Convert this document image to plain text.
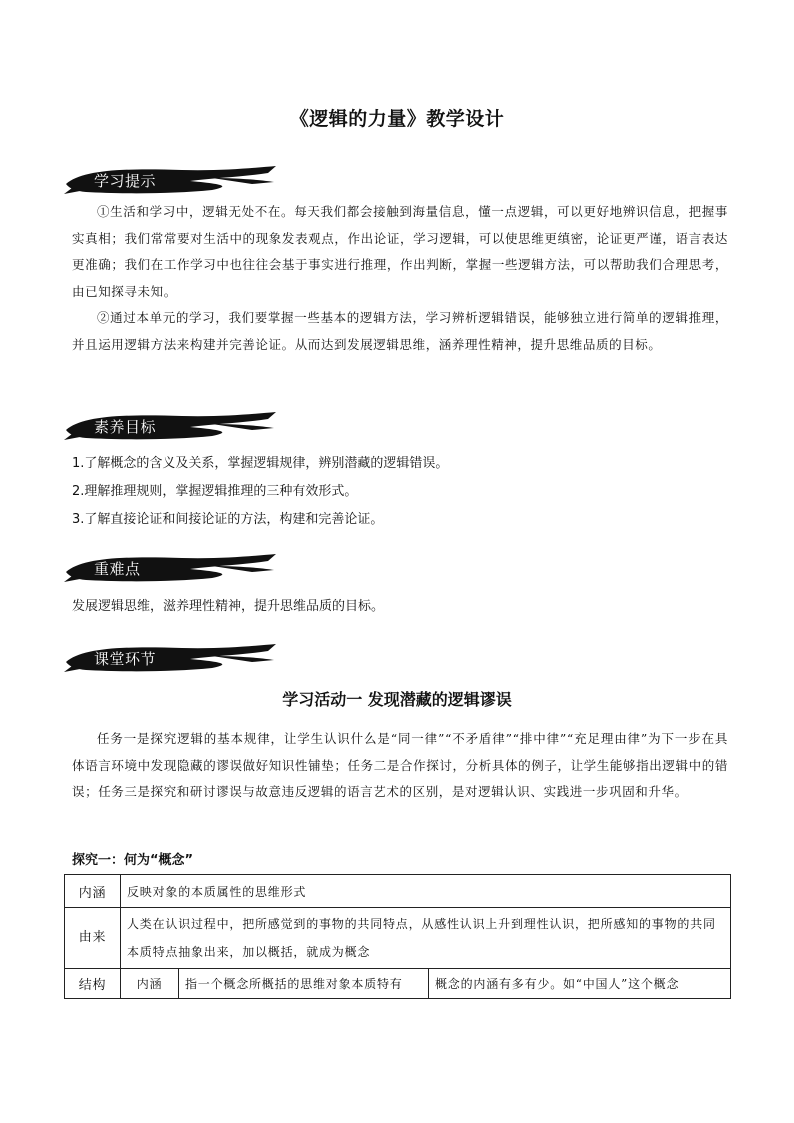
《逻辑的力量》教学设计
学习提示
①生活和学习中，逻辑无处不在。每天我们都会接触到海量信息，懂一点逻辑，可以更好地辨识信息，把握事实真相；我们常常要对生活中的现象发表观点，作出论证，学习逻辑，可以使思维更缜密，论证更严谨，语言表达更准确；我们在工作学习中也往往会基于事实进行推理，作出判断，掌握一些逻辑方法，可以帮助我们合理思考，由已知探寻未知。
②通过本单元的学习，我们要掌握一些基本的逻辑方法，学习辨析逻辑错误，能够独立进行简单的逻辑推理，并且运用逻辑方法来构建并完善论证。从而达到发展逻辑思维，涵养理性精神，提升思维品质的目标。
素养目标
1.了解概念的含义及关系，掌握逻辑规律，辨别潜藏的逻辑错误。
2.理解推理规则，掌握逻辑推理的三种有效形式。
3.了解直接论证和间接论证的方法，构建和完善论证。
重难点
发展逻辑思维，滋养理性精神，提升思维品质的目标。
课堂环节
学习活动一 发现潜藏的逻辑谬误
任务一是探究逻辑的基本规律，让学生认识什么是“同一律”“不矛盾律”“排中律”“充足理由律”为下一步在具体语言环境中发现隐藏的谬误做好知识性铺垫；任务二是合作探讨，分析具体的例子，让学生能够指出逻辑中的错误；任务三是探究和研讨谬误与故意违反逻辑的语言艺术的区别，是对逻辑认识、实践进一步巩固和升华。
探究一：何为“概念”
内涵	反映对象的本质属性的思维形式		
由来	人类在认识过程中，把所感觉到的事物的共同特点，从感性认识上升到理性认识，把所感知的事物的共同本质特点抽象出来，加以概括，就成为概念		
结构	内涵	指一个概念所概括的思维对象本质特有	概念的内涵有多有少。如“中国人”这个概念
